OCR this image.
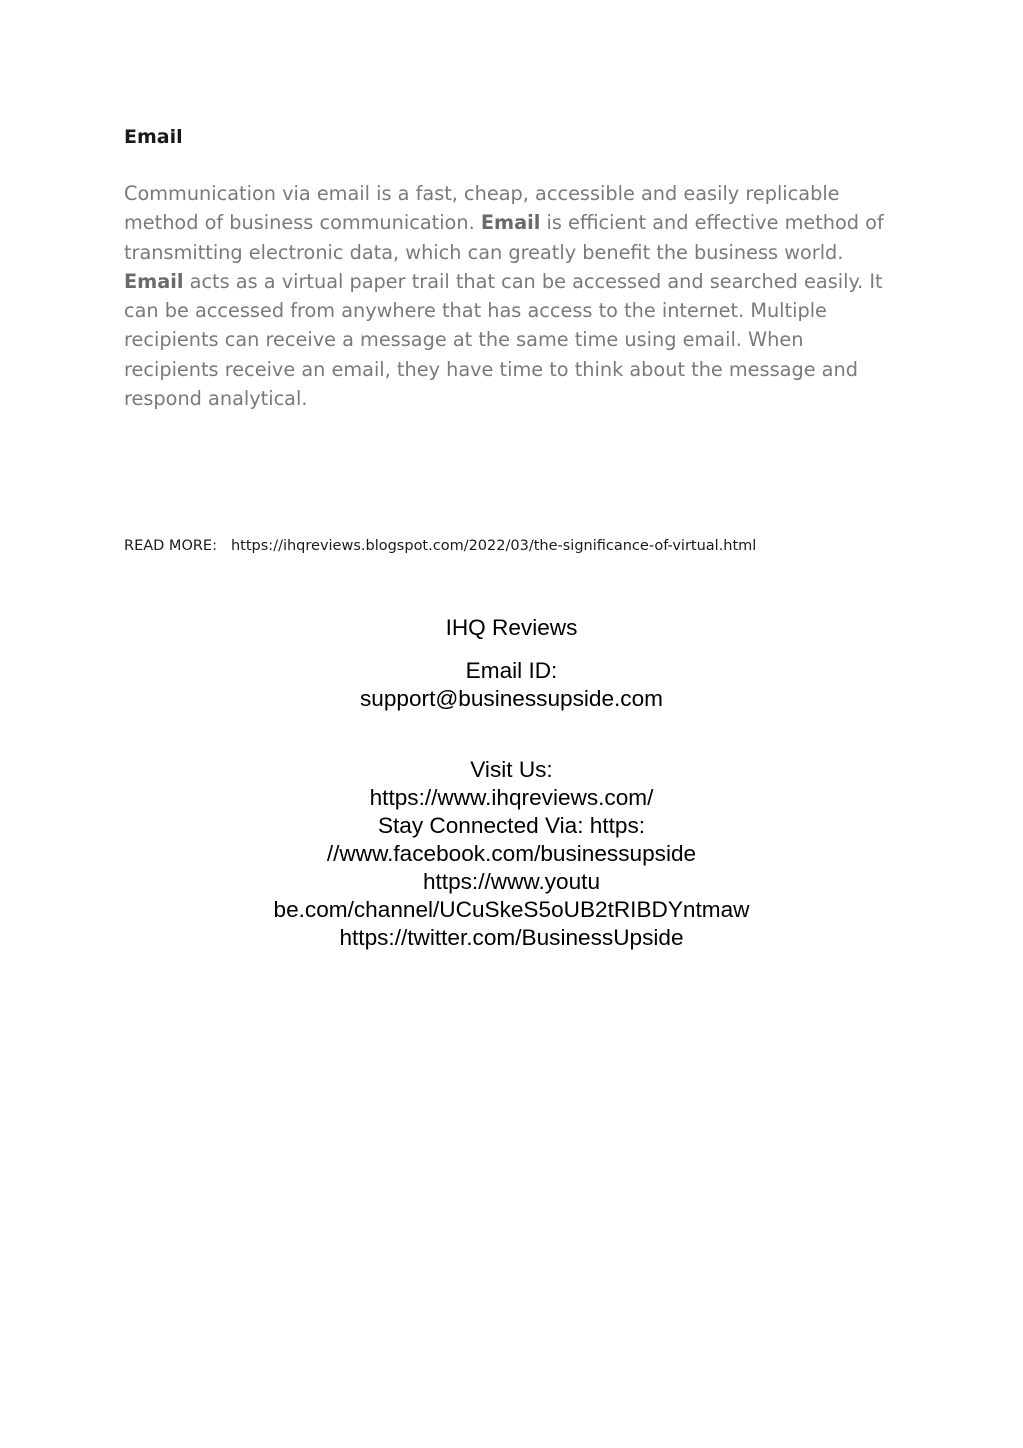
Email

Communication via email is a fast, cheap, accessible and easily replicable method of business communication. Email is efficient and effective method of transmitting electronic data, which can greatly benefit the business world. Email acts as a virtual paper trail that can be accessed and searched easily. It can be accessed from anywhere that has access to the internet. Multiple recipients can receive a message at the same time using email. When recipients receive an email, they have time to think about the message and respond analytical.

READ MORE: https://ihqreviews.blogspot.com/2022/03/the-significance-of-virtual.html
IHQ Reviews
Email ID:
support@businessupside.com
Visit Us:
https://www.ihqreviews.com/
Stay Connected Via: https:
//www.facebook.com/businessupside
https://www.youtu
be.com/channel/UCuSkeS5oUB2tRIBDYntmaw
https://twitter.com/BusinessUpside
